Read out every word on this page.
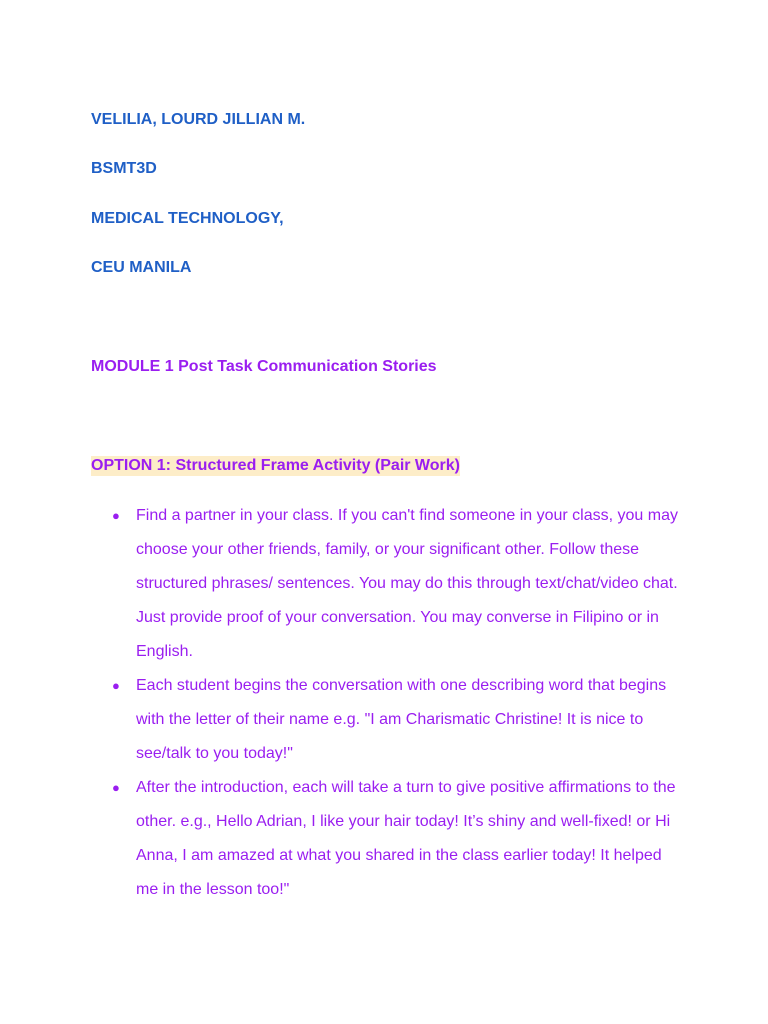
VELILIA, LOURD JILLIAN M.

BSMT3D

MEDICAL TECHNOLOGY,

CEU MANILA

MODULE 1 Post Task Communication Stories

OPTION 1: Structured Frame Activity (Pair Work)

● Find a partner in your class. If you can't find someone in your class, you may choose your other friends, family, or your significant other. Follow these structured phrases/ sentences. You may do this through text/chat/video chat. Just provide proof of your conversation. You may converse in Filipino or in English.
● Each student begins the conversation with one describing word that begins with the letter of their name e.g. "I am Charismatic Christine! It is nice to see/talk to you today!"
● After the introduction, each will take a turn to give positive affirmations to the other. e.g., Hello Adrian, I like your hair today! It’s shiny and well-fixed! or Hi Anna, I am amazed at what you shared in the class earlier today! It helped me in the lesson too!"
